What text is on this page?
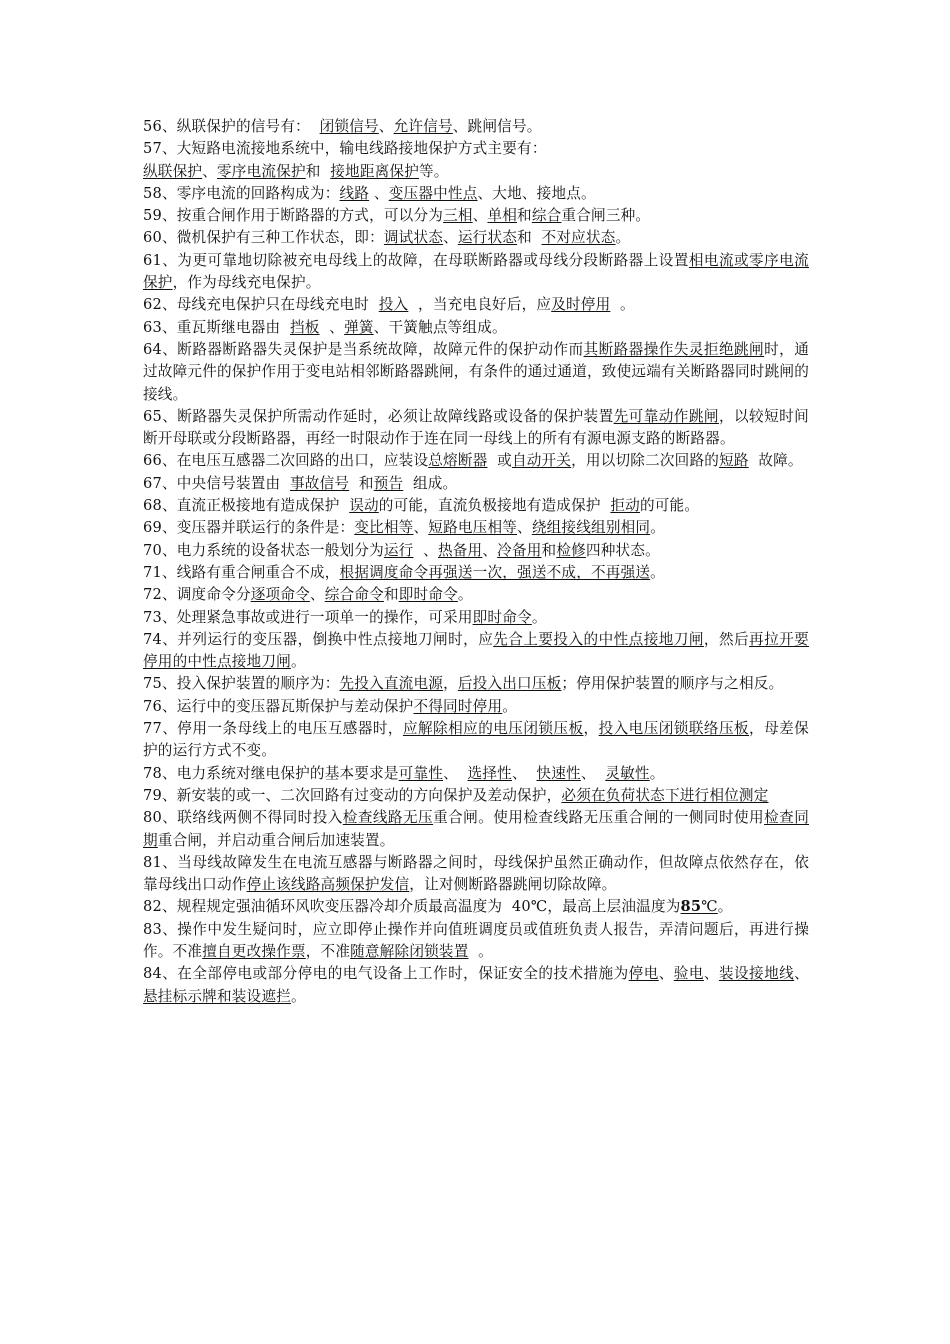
56、纵联保护的信号有：  闭锁信号、允许信号、跳闸信号。

57、大短路电流接地系统中，输电线路接地保护方式主要有：
纵联保护、零序电流保护和  接地距离保护等。

58、零序电流的回路构成为：线路 、变压器中性点、大地、接地点。

59、按重合闸作用于断路器的方式，可以分为三相、单相和综合重合闸三种。

60、微机保护有三种工作状态，即：调试状态、运行状态和  不对应状态。

61、为更可靠地切除被充电母线上的故障，在母联断路器或母线分段断路器上设置相电流或零序电流保护，作为母线充电保护。

62、母线充电保护只在母线充电时  投入  ，当充电良好后，应及时停用  。

63、重瓦斯继电器由  挡板  、弹簧、干簧触点等组成。

64、断路器断路器失灵保护是当系统故障，故障元件的保护动作而其断路器操作失灵拒绝跳闸时，通过故障元件的保护作用于变电站相邻断路器跳闸，有条件的通过通道，致使远端有关断路器同时跳闸的接线。

65、断路器失灵保护所需动作延时，必须让故障线路或设备的保护装置先可靠动作跳闸，以较短时间断开母联或分段断路器，再经一时限动作于连在同一母线上的所有有源电源支路的断路器。

66、在电压互感器二次回路的出口，应装设总熔断器  或自动开关，用以切除二次回路的短路  故障。

67、中央信号装置由  事故信号  和预告  组成。

68、直流正极接地有造成保护  误动的可能，直流负极接地有造成保护  拒动的可能。

69、变压器并联运行的条件是：变比相等、短路电压相等、绕组接线组别相同。

70、电力系统的设备状态一般划分为运行  、热备用、冷备用和检修四种状态。

71、线路有重合闸重合不成，根据调度命令再强送一次，强送不成，不再强送。

72、调度命令分逐项命令、综合命令和即时命令。

73、处理紧急事故或进行一项单一的操作，可采用即时命令。

74、并列运行的变压器，倒换中性点接地刀闸时，应先合上要投入的中性点接地刀闸，然后再拉开要停用的中性点接地刀闸。

75、投入保护装置的顺序为：先投入直流电源，后投入出口压板；停用保护装置的顺序与之相反。

76、运行中的变压器瓦斯保护与差动保护不得同时停用。

77、停用一条母线上的电压互感器时，应解除相应的电压闭锁压板，投入电压闭锁联络压板，母差保护的运行方式不变。

78、电力系统对继电保护的基本要求是可靠性、  选择性、  快速性、  灵敏性。

79、新安装的或一、二次回路有过变动的方向保护及差动保护，必须在负荷状态下进行相位测定

80、联络线两侧不得同时投入检查线路无压重合闸。使用检查线路无压重合闸的一侧同时使用检查同期重合闸，并启动重合闸后加速装置。

81、当母线故障发生在电流互感器与断路器之间时，母线保护虽然正确动作，但故障点依然存在，依靠母线出口动作停止该线路高频保护发信，让对侧断路器跳闸切除故障。

82、规程规定强油循环风吹变压器冷却介质最高温度为  40℃，最高上层油温度为85℃。

83、操作中发生疑问时，应立即停止操作并向值班调度员或值班负责人报告，弄清问题后，再进行操作。不准擅自更改操作票，不准随意解除闭锁装置  。

84、在全部停电或部分停电的电气设备上工作时，保证安全的技术措施为停电、验电、装设接地线、悬挂标示牌和装设遮拦。
